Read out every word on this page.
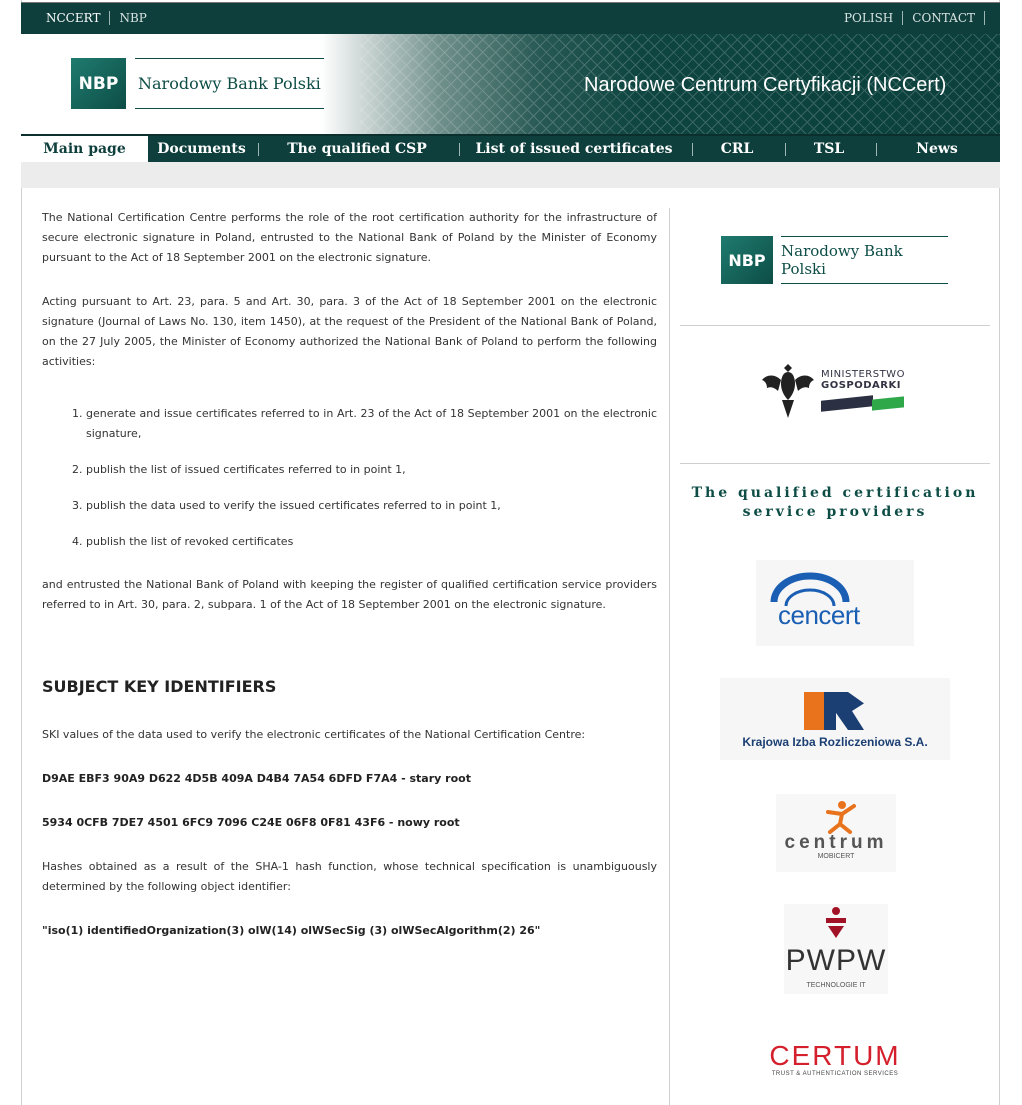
NCCERT	NBP	POLISH	CONTACT
NBP	Narodowy Bank Polski	Narodowe Centrum Certyfikacji (NCCert)
Main page	Documents	The qualified CSP	List of issued certificates	CRL	TSL	News

The National Certification Centre performs the role of the root certification authority for the infrastructure of secure electronic signature in Poland, entrusted to the National Bank of Poland by the Minister of Economy pursuant to the Act of 18 September 2001 on the electronic signature.

Acting pursuant to Art. 23, para. 5 and Art. 30, para. 3 of the Act of 18 September 2001 on the electronic signature (Journal of Laws No. 130, item 1450), at the request of the President of the National Bank of Poland, on the 27 July 2005, the Minister of Economy authorized the National Bank of Poland to perform the following activities:

1. generate and issue certificates referred to in Art. 23 of the Act of 18 September 2001 on the electronic signature,
2. publish the list of issued certificates referred to in point 1,
3. publish the data used to verify the issued certificates referred to in point 1,
4. publish the list of revoked certificates

and entrusted the National Bank of Poland with keeping the register of qualified certification service providers referred to in Art. 30, para. 2, subpara. 1 of the Act of 18 September 2001 on the electronic signature.

SUBJECT KEY IDENTIFIERS

SKI values of the data used to verify the electronic certificates of the National Certification Centre:

D9AE EBF3 90A9 D622 4D5B 409A D4B4 7A54 6DFD F7A4 - stary root

5934 0CFB 7DE7 4501 6FC9 7096 C24E 06F8 0F81 43F6 - nowy root

Hashes obtained as a result of the SHA-1 hash function, whose technical specification is unambiguously determined by the following object identifier:

"iso(1) identifiedOrganization(3) olW(14) olWSecSig (3) olWSecAlgorithm(2) 26"

NBP	Narodowy Bank Polski
MINISTERSTWO
GOSPODARKI
The qualified certification service providers
cencert
Krajowa Izba Rozliczeniowa S.A.
centrum
MOBICERT
PWPW
TECHNOLOGIE IT
CERTUM
TRUST & AUTHENTICATION SERVICES
